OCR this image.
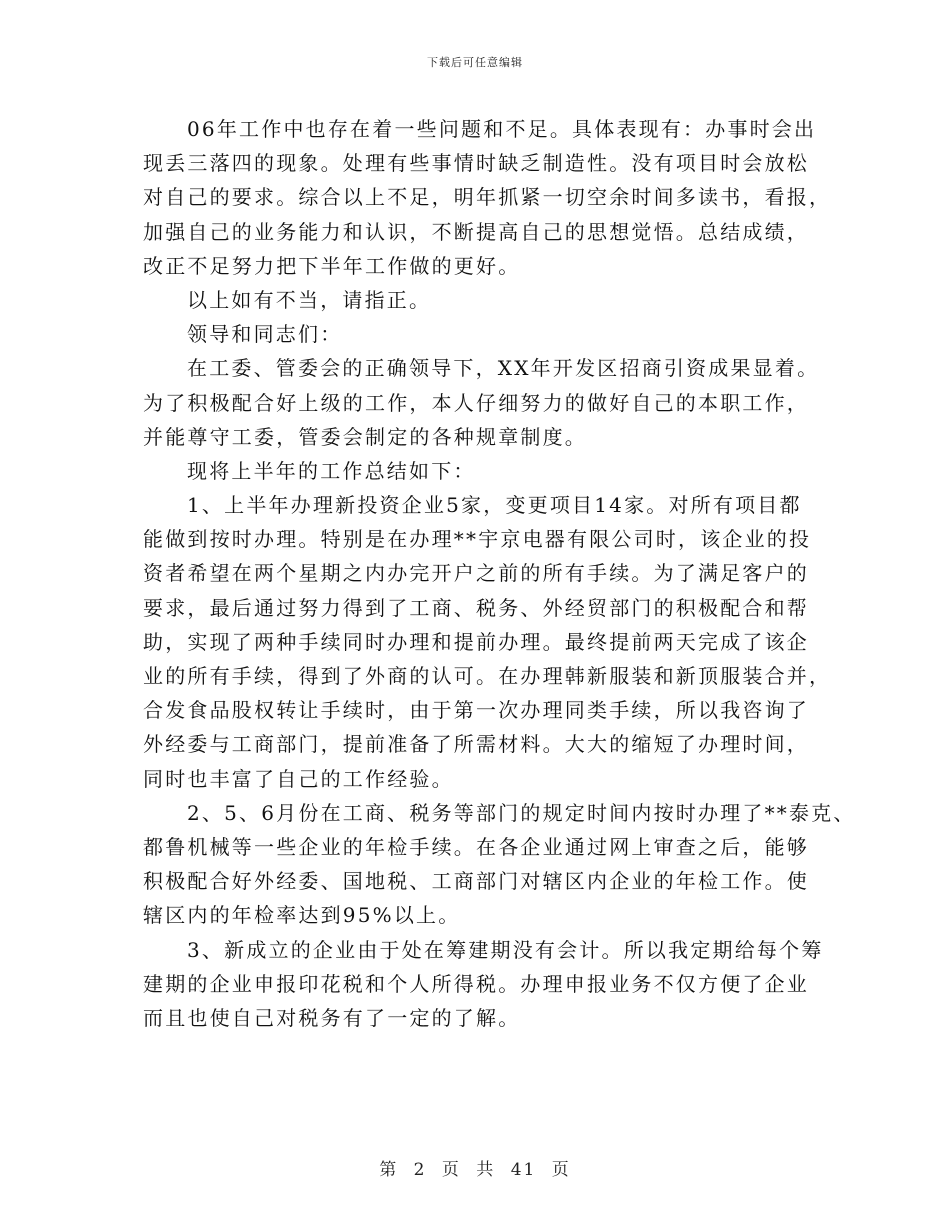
下载后可任意编辑
06年工作中也存在着一些问题和不足。具体表现有：办事时会出
现丢三落四的现象。处理有些事情时缺乏制造性。没有项目时会放松
对自己的要求。综合以上不足，明年抓紧一切空余时间多读书，看报，
加强自己的业务能力和认识，不断提高自己的思想觉悟。总结成绩，
改正不足努力把下半年工作做的更好。
以上如有不当，请指正。
领导和同志们：
在工委、管委会的正确领导下，XX年开发区招商引资成果显着。
为了积极配合好上级的工作，本人仔细努力的做好自己的本职工作，
并能尊守工委，管委会制定的各种规章制度。
现将上半年的工作总结如下：
1、上半年办理新投资企业5家，变更项目14家。对所有项目都
能做到按时办理。特别是在办理**宇京电器有限公司时，该企业的投
资者希望在两个星期之内办完开户之前的所有手续。为了满足客户的
要求，最后通过努力得到了工商、税务、外经贸部门的积极配合和帮
助，实现了两种手续同时办理和提前办理。最终提前两天完成了该企
业的所有手续，得到了外商的认可。在办理韩新服装和新顶服装合并，
合发食品股权转让手续时，由于第一次办理同类手续，所以我咨询了
外经委与工商部门，提前准备了所需材料。大大的缩短了办理时间，
同时也丰富了自己的工作经验。
2、5、6月份在工商、税务等部门的规定时间内按时办理了**泰克、
都鲁机械等一些企业的年检手续。在各企业通过网上审查之后，能够
积极配合好外经委、国地税、工商部门对辖区内企业的年检工作。使
辖区内的年检率达到95%以上。
3、新成立的企业由于处在筹建期没有会计。所以我定期给每个筹
建期的企业申报印花税和个人所得税。办理申报业务不仅方便了企业
而且也使自己对税务有了一定的了解。
第 2 页 共 41 页
